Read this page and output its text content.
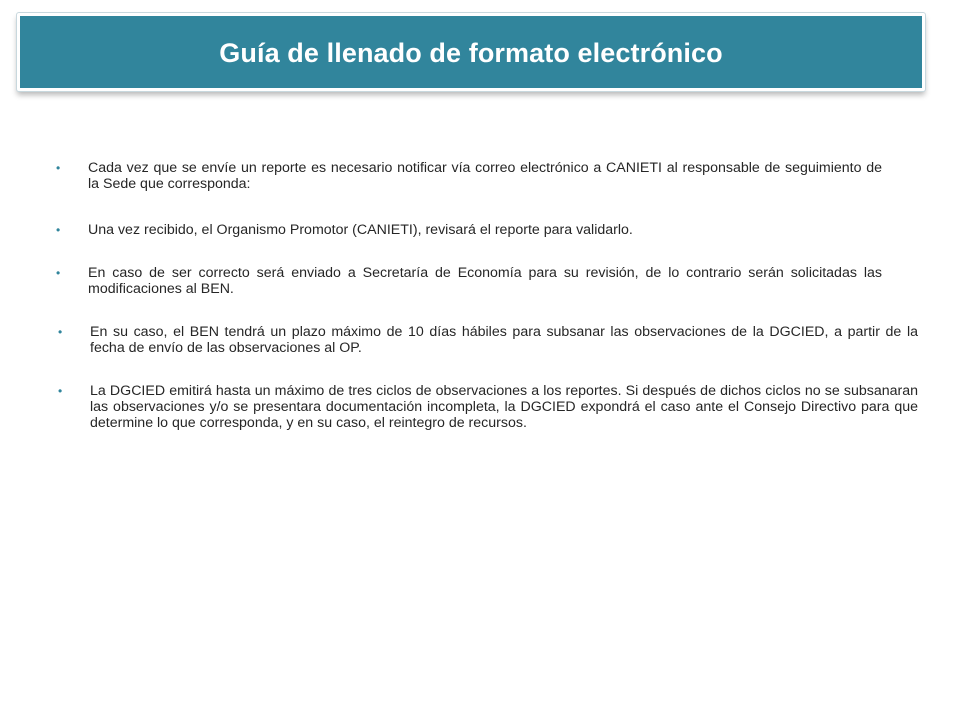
Guía de llenado de formato electrónico
• Cada vez que se envíe un reporte es necesario notificar vía correo electrónico a CANIETI al responsable de seguimiento de la Sede que corresponda:
• Una vez recibido, el Organismo Promotor (CANIETI), revisará el reporte para validarlo.
• En caso de ser correcto será enviado a Secretaría de Economía para su revisión, de lo contrario serán solicitadas las modificaciones al BEN.
• En su caso, el BEN tendrá un plazo máximo de 10 días hábiles para subsanar las observaciones de la DGCIED, a partir de la fecha de envío de las observaciones al OP.
• La DGCIED emitirá hasta un máximo de tres ciclos de observaciones a los reportes. Si después de dichos ciclos no se subsanaran las observaciones y/o se presentara documentación incompleta, la DGCIED expondrá el caso ante el Consejo Directivo para que determine lo que corresponda, y en su caso, el reintegro de recursos.
